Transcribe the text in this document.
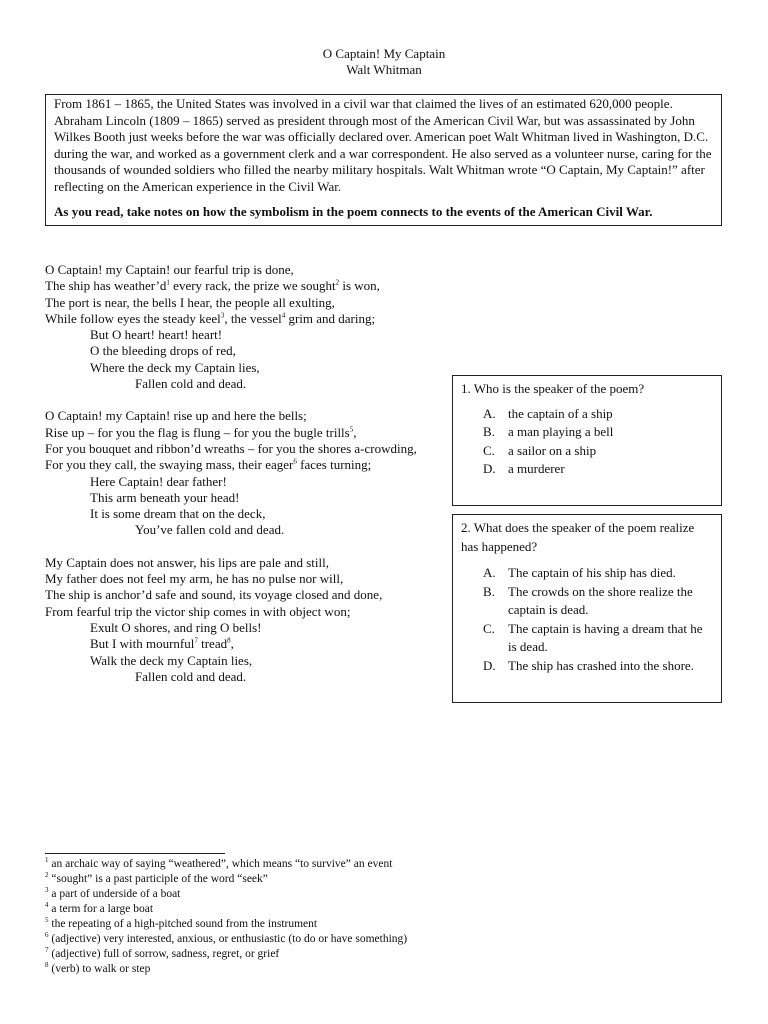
O Captain! My Captain
Walt Whitman

From 1861 – 1865, the United States was involved in a civil war that claimed the lives of an estimated 620,000 people. Abraham Lincoln (1809 – 1865) served as president through most of the American Civil War, but was assassinated by John Wilkes Booth just weeks before the war was officially declared over. American poet Walt Whitman lived in Washington, D.C. during the war, and worked as a government clerk and a war correspondent. He also served as a volunteer nurse, caring for the thousands of wounded soldiers who filled the nearby military hospitals. Walt Whitman wrote “O Captain, My Captain!” after reflecting on the American experience in the Civil War.

As you read, take notes on how the symbolism in the poem connects to the events of the American Civil War.

O Captain! my Captain! our fearful trip is done,
The ship has $weather’d^1$ every rack, the prize we sought$^2$ is won,
The port is near, the bells I hear, the people all exulting,
While follow eyes the steady keel$^3$, the vessel$^4$ grim and daring;
But O heart! heart! heart!
O the bleeding drops of red,
Where the deck my Captain lies,
Fallen cold and dead.
O Captain! my Captain! rise up and here the bells;
Rise up – for you the flag is flung – for you the bugle trills$^5$,
For you bouquet and ribbon’d wreaths – for you the shores a-crowding,
For you they call, the swaying mass, their eager$^6$ faces turning;
Here Captain! dear father!
This arm beneath your head!
It is some dream that on the deck,
You’ve fallen cold and dead.
My Captain does not answer, his lips are pale and still,
My father does not feel my arm, he has no pulse nor will,
The ship is anchor’d safe and sound, its voyage closed and done,
From fearful trip the victor ship comes in with object won;
Exult O shores, and ring O bells!
But I with mournful$^7$ tread$^8$,
Walk the deck my Captain lies,
Fallen cold and dead.

1. Who is the speaker of the poem?

A. the captain of a ship
B.	a man playing a bell
C.	a sailor on a ship
D. a murderer

2. What does the speaker of the poem realize has happened?

A. The captain of his ship has died.
B.	The crowds on the shore realize the captain is dead.
C.	The captain is having a dream that he is dead.
D. The ship has crashed into the shore.
$^1$ an archaic way of saying “weathered”, which means “to survive” an event
$^2$ “sought” is a past participle of the word “seek”
$^3$ a part of underside of a boat
$^4$ a term for a large boat
$^5$ the repeating of a high-pitched sound from the instrument
$^6$ (adjective) very interested, anxious, or enthusiastic (to do or have something)
$^7$ (adjective) full of sorrow, sadness, regret, or grief
$^8$ (verb) to walk or step
